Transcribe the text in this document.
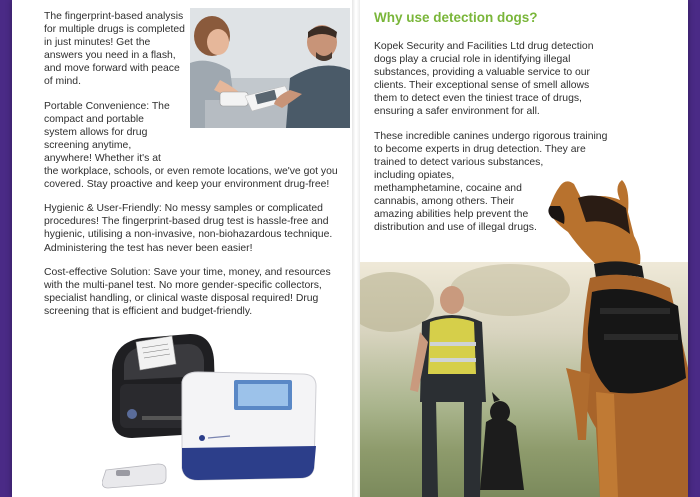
The fingerprint-based analysis for multiple drugs is completed in just minutes! Get the answers you need in a flash, and move forward with peace of mind.

Portable Convenience: The
compact and portable
system allows for drug
screening anytime,
anywhere! Whether it's at
the workplace, schools, or even remote locations, we've got you
covered. Stay proactive and keep your environment drug-free!

Hygienic & User-Friendly: No messy samples or complicated procedures! The fingerprint-based drug test is hassle-free and hygienic, utilising a non-invasive, non-biohazardous technique. Administering the test has never been easier!

Cost-effective Solution: Save your time, money, and resources with the multi-panel test. No more gender-specific collectors, specialist handling, or clinical waste disposal required! Drug screening that is efficient and budget-friendly.

Why use detection dogs?

Kopek Security and Facilities Ltd drug detection dogs play a crucial role in identifying illegal substances, providing a valuable service to our clients. Their exceptional sense of smell allows them to detect even the tiniest trace of drugs, ensuring a safer environment for all.

These incredible canines undergo rigorous training
to become experts in drug detection. They are
trained to detect various substances,
including opiates,
methamphetamine, cocaine and
cannabis, among others. Their
amazing abilities help prevent the
distribution and use of illegal drugs.
